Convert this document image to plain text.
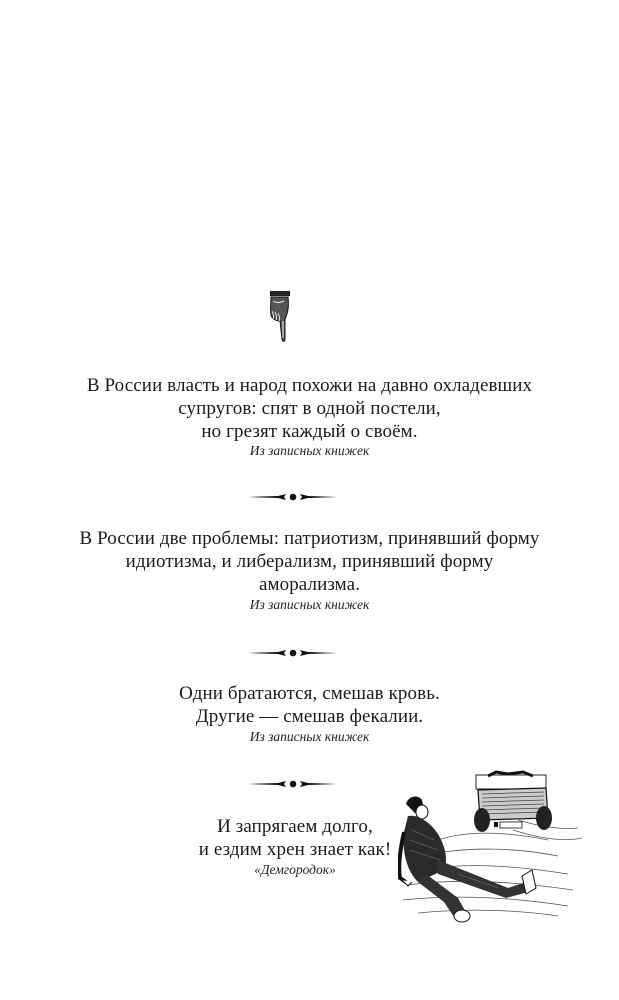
В России власть и народ похожи на давно охладевших
супругов: спят в одной постели,
но грезят каждый о своём.
Из записных книжек
В России две проблемы: патриотизм, принявший форму
идиотизма, и либерализм, принявший форму
аморализма.
Из записных книжек
Одни братаются, смешав кровь.
Другие — смешав фекалии.
Из записных книжек
И запрягаем долго,
и ездим хрен знает как!
«Демгородок»
